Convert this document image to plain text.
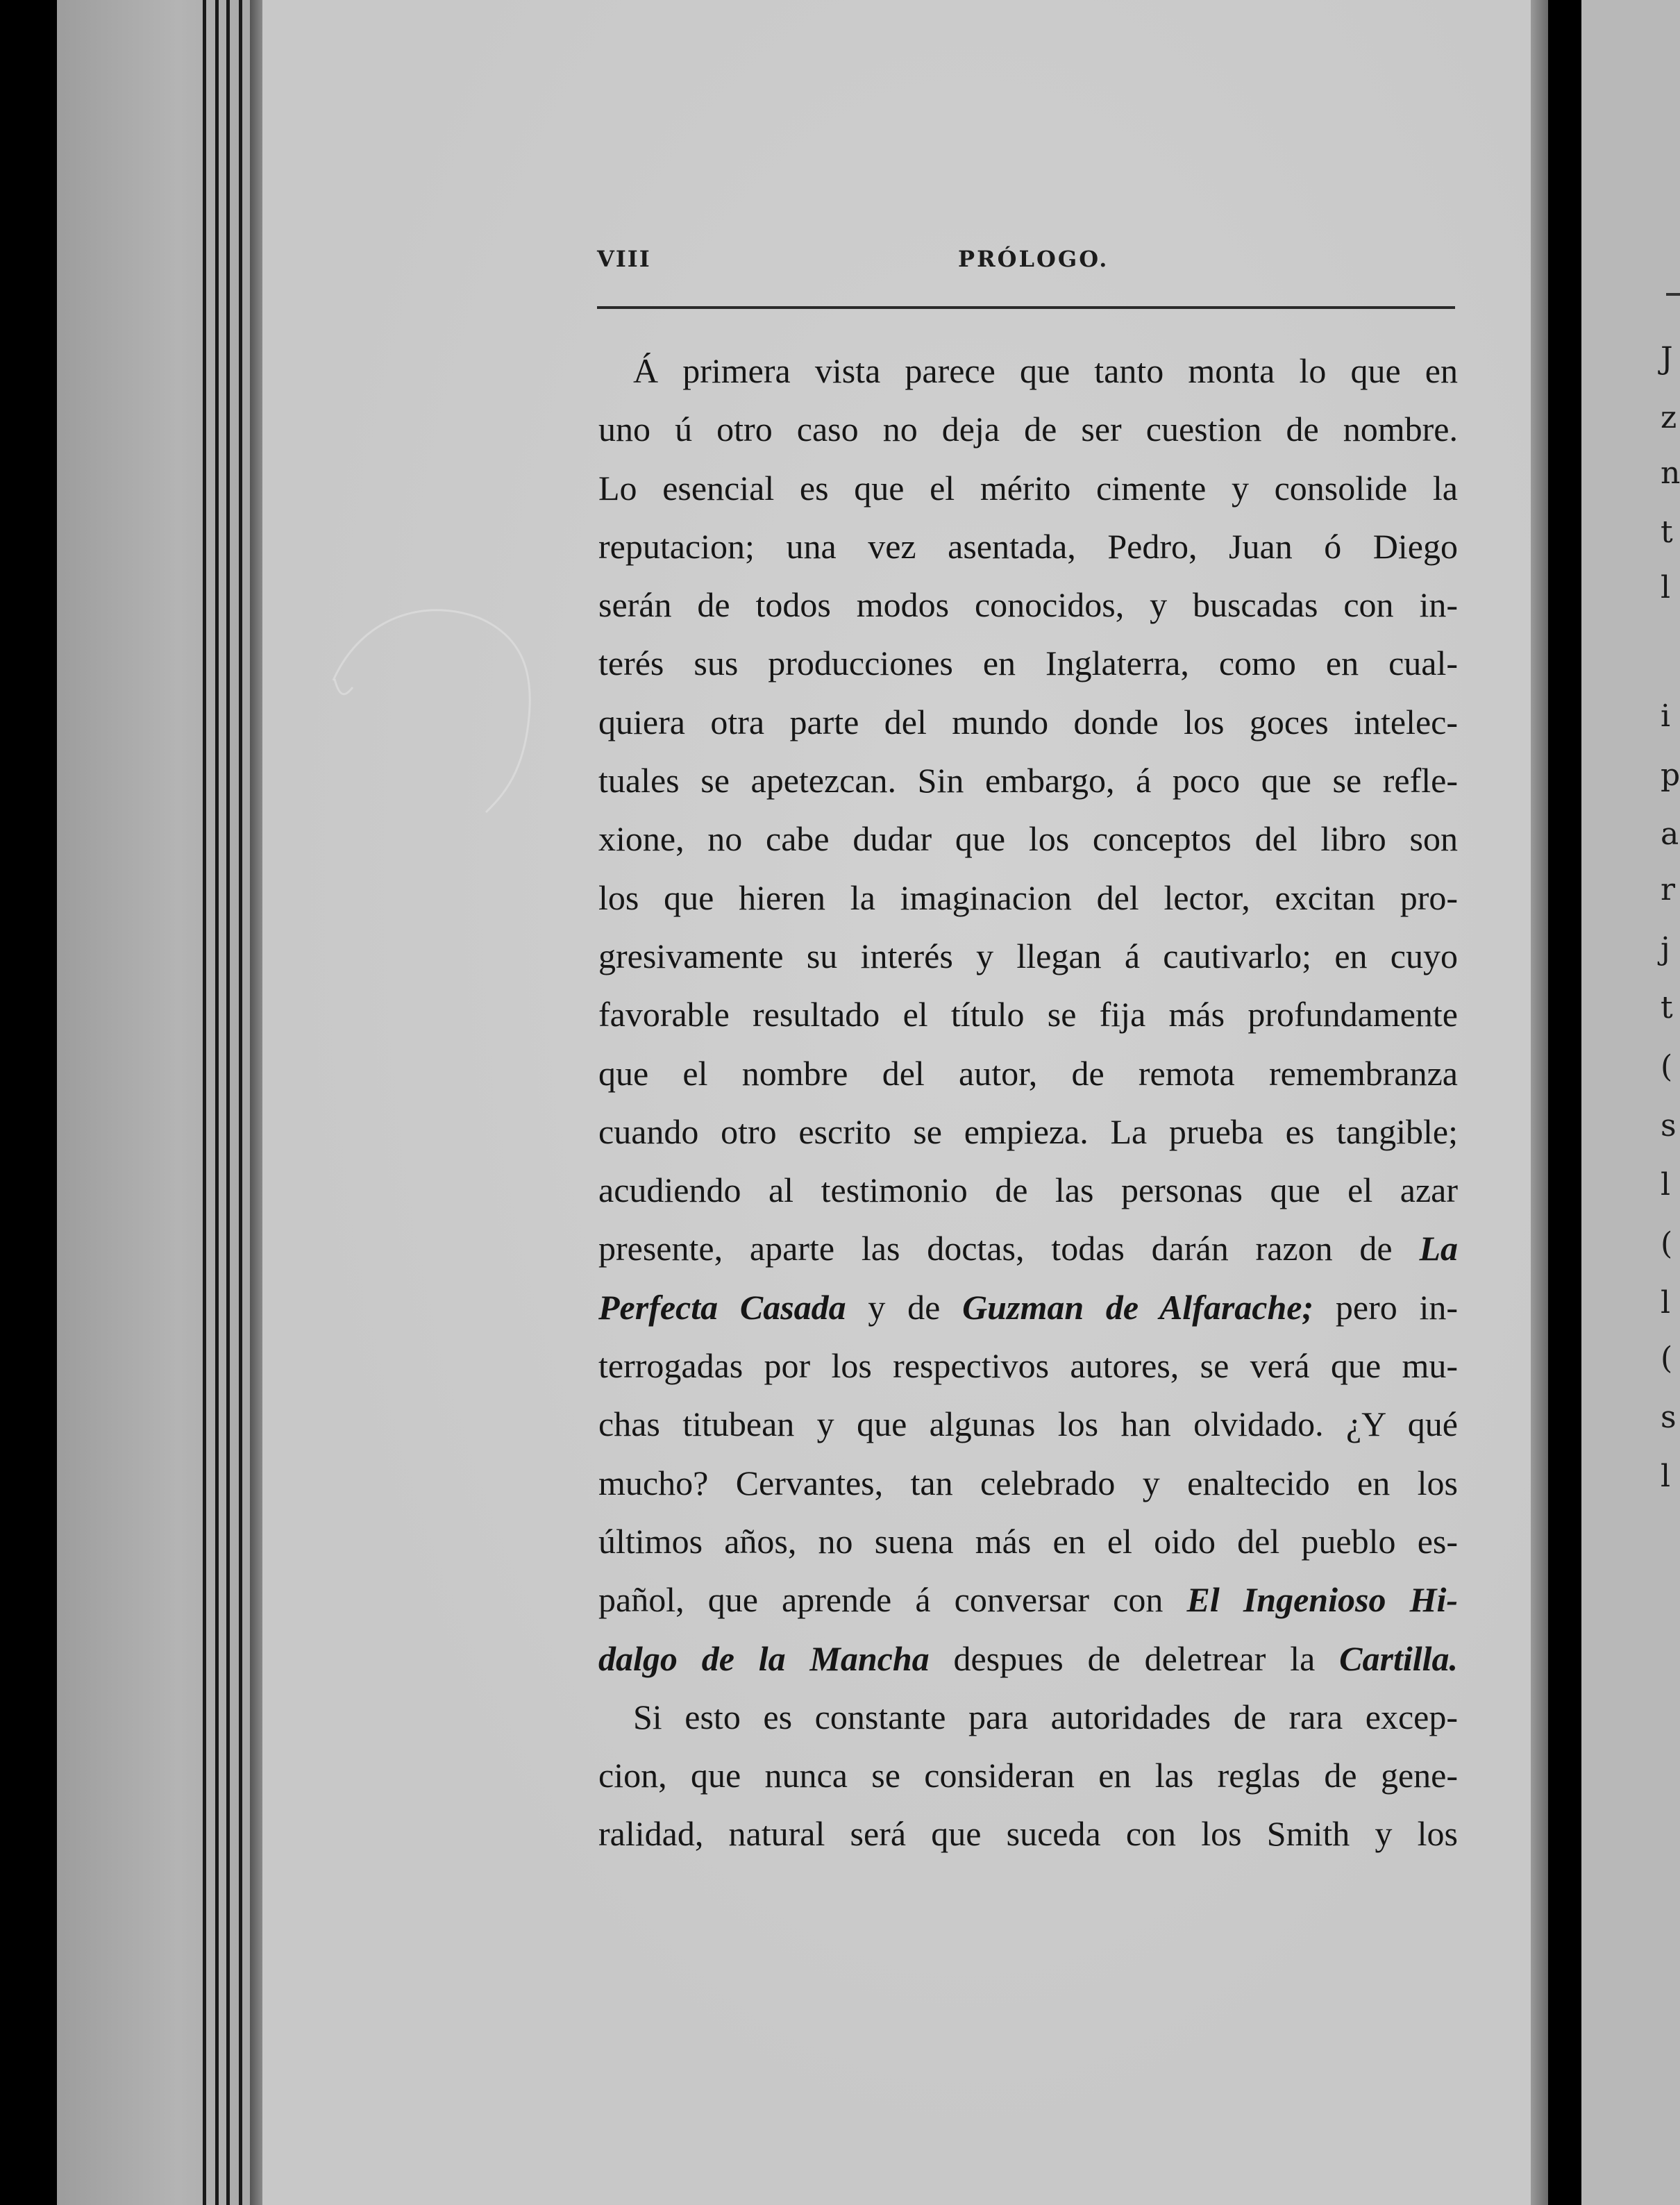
J
z
n
t
l
i
p
a
r
j
t
(
s
l
(
l
(
s
l
VIII	PRÓLOGO.
Á primera vista parece que tanto monta lo que en
uno ú otro caso no deja de ser cuestion de nombre.
Lo esencial es que el mérito cimente y consolide la
reputacion; una vez asentada, Pedro, Juan ó Diego
serán de todos modos conocidos, y buscadas con in-
terés sus producciones en Inglaterra, como en cual-
quiera otra parte del mundo donde los goces intelec-
tuales se apetezcan. Sin embargo, á poco que se refle-
xione, no cabe dudar que los conceptos del libro son
los que hieren la imaginacion del lector, excitan pro-
gresivamente su interés y llegan á cautivarlo; en cuyo
favorable resultado el título se fija más profundamente
que el nombre del autor, de remota remembranza
cuando otro escrito se empieza. La prueba es tangible;
acudiendo al testimonio de las personas que el azar
presente, aparte las doctas, todas darán razon de La
Perfecta Casada y de Guzman de Alfarache; pero in-
terrogadas por los respectivos autores, se verá que mu-
chas titubean y que algunas los han olvidado. ¿Y qué
mucho? Cervantes, tan celebrado y enaltecido en los
últimos años, no suena más en el oido del pueblo es-
pañol, que aprende á conversar con El Ingenioso Hi-
dalgo de la Mancha despues de deletrear la Cartilla.
Si esto es constante para autoridades de rara excep-
cion, que nunca se consideran en las reglas de gene-
ralidad, natural será que suceda con los Smith y los
